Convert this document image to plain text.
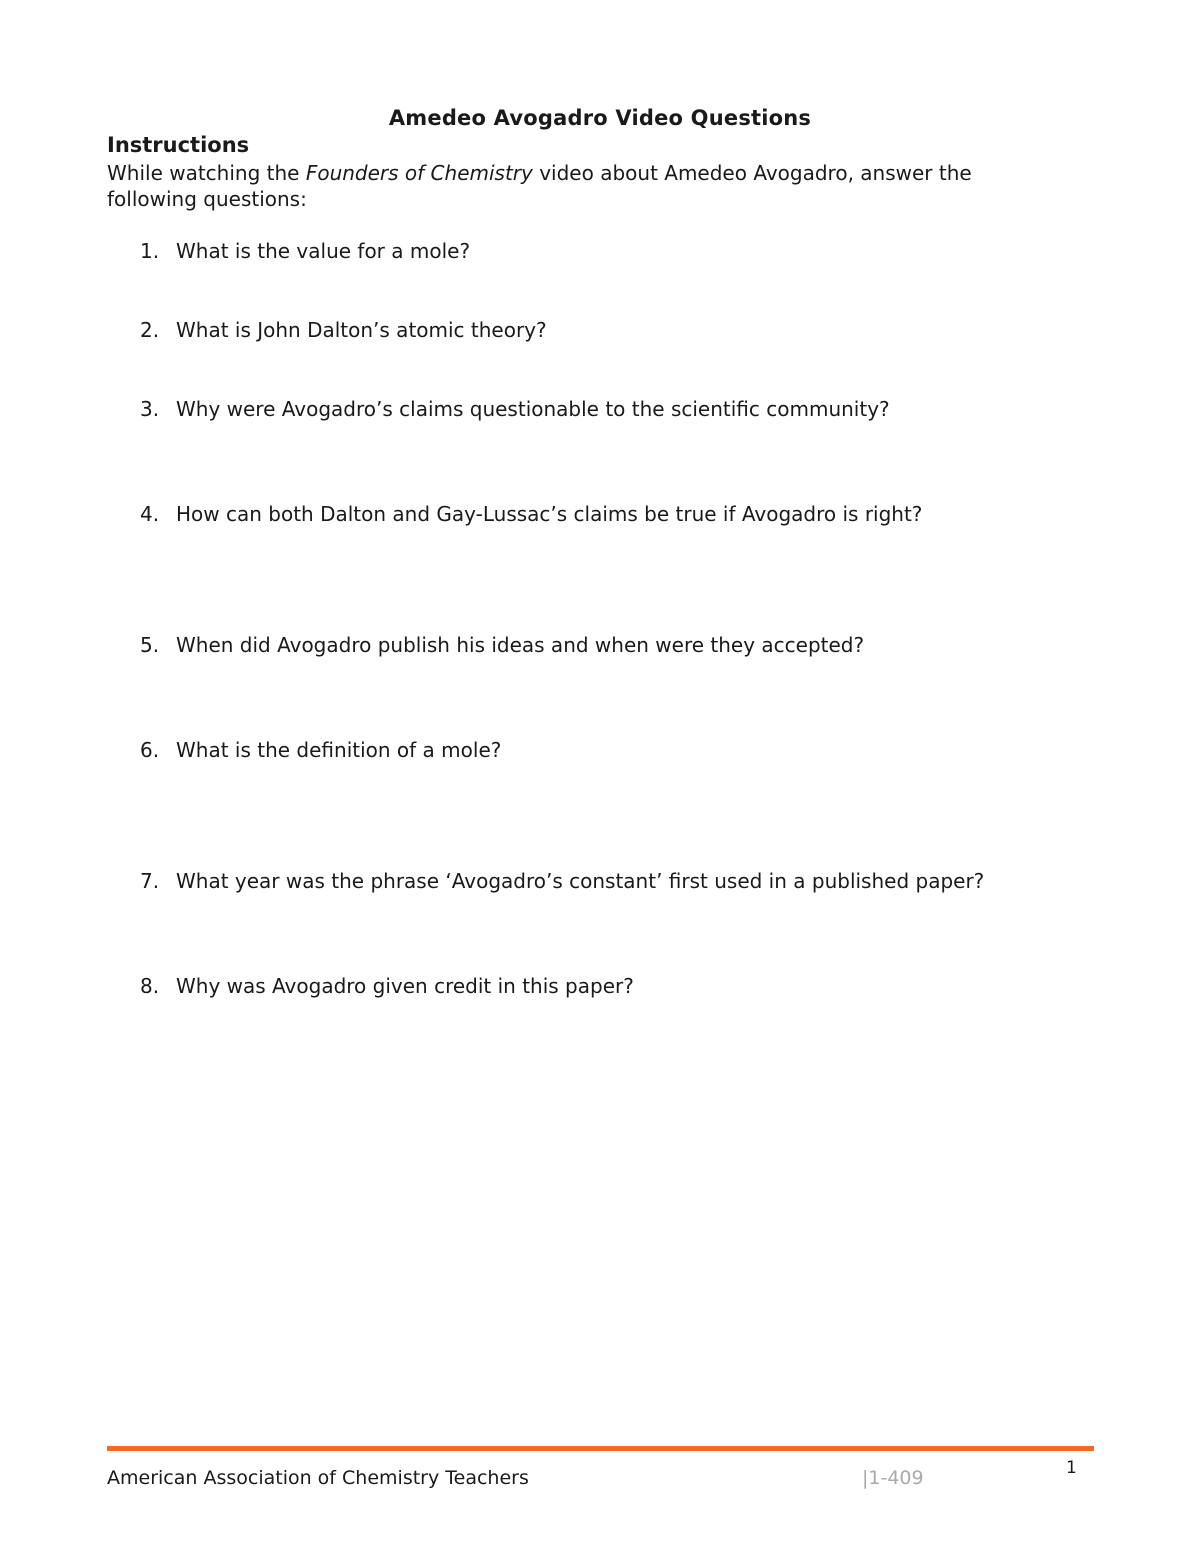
Amedeo Avogadro Video Questions
Instructions
While watching the Founders of Chemistry video about Amedeo Avogadro, answer the following questions:
1. What is the value for a mole?
2. What is John Dalton’s atomic theory?
3. Why were Avogadro’s claims questionable to the scientific community?
4. How can both Dalton and Gay-Lussac’s claims be true if Avogadro is right?
5. When did Avogadro publish his ideas and when were they accepted?
6. What is the definition of a mole?
7. What year was the phrase ‘Avogadro’s constant’ first used in a published paper?
8. Why was Avogadro given credit in this paper?
American Association of Chemistry Teachers	|1-409	1
